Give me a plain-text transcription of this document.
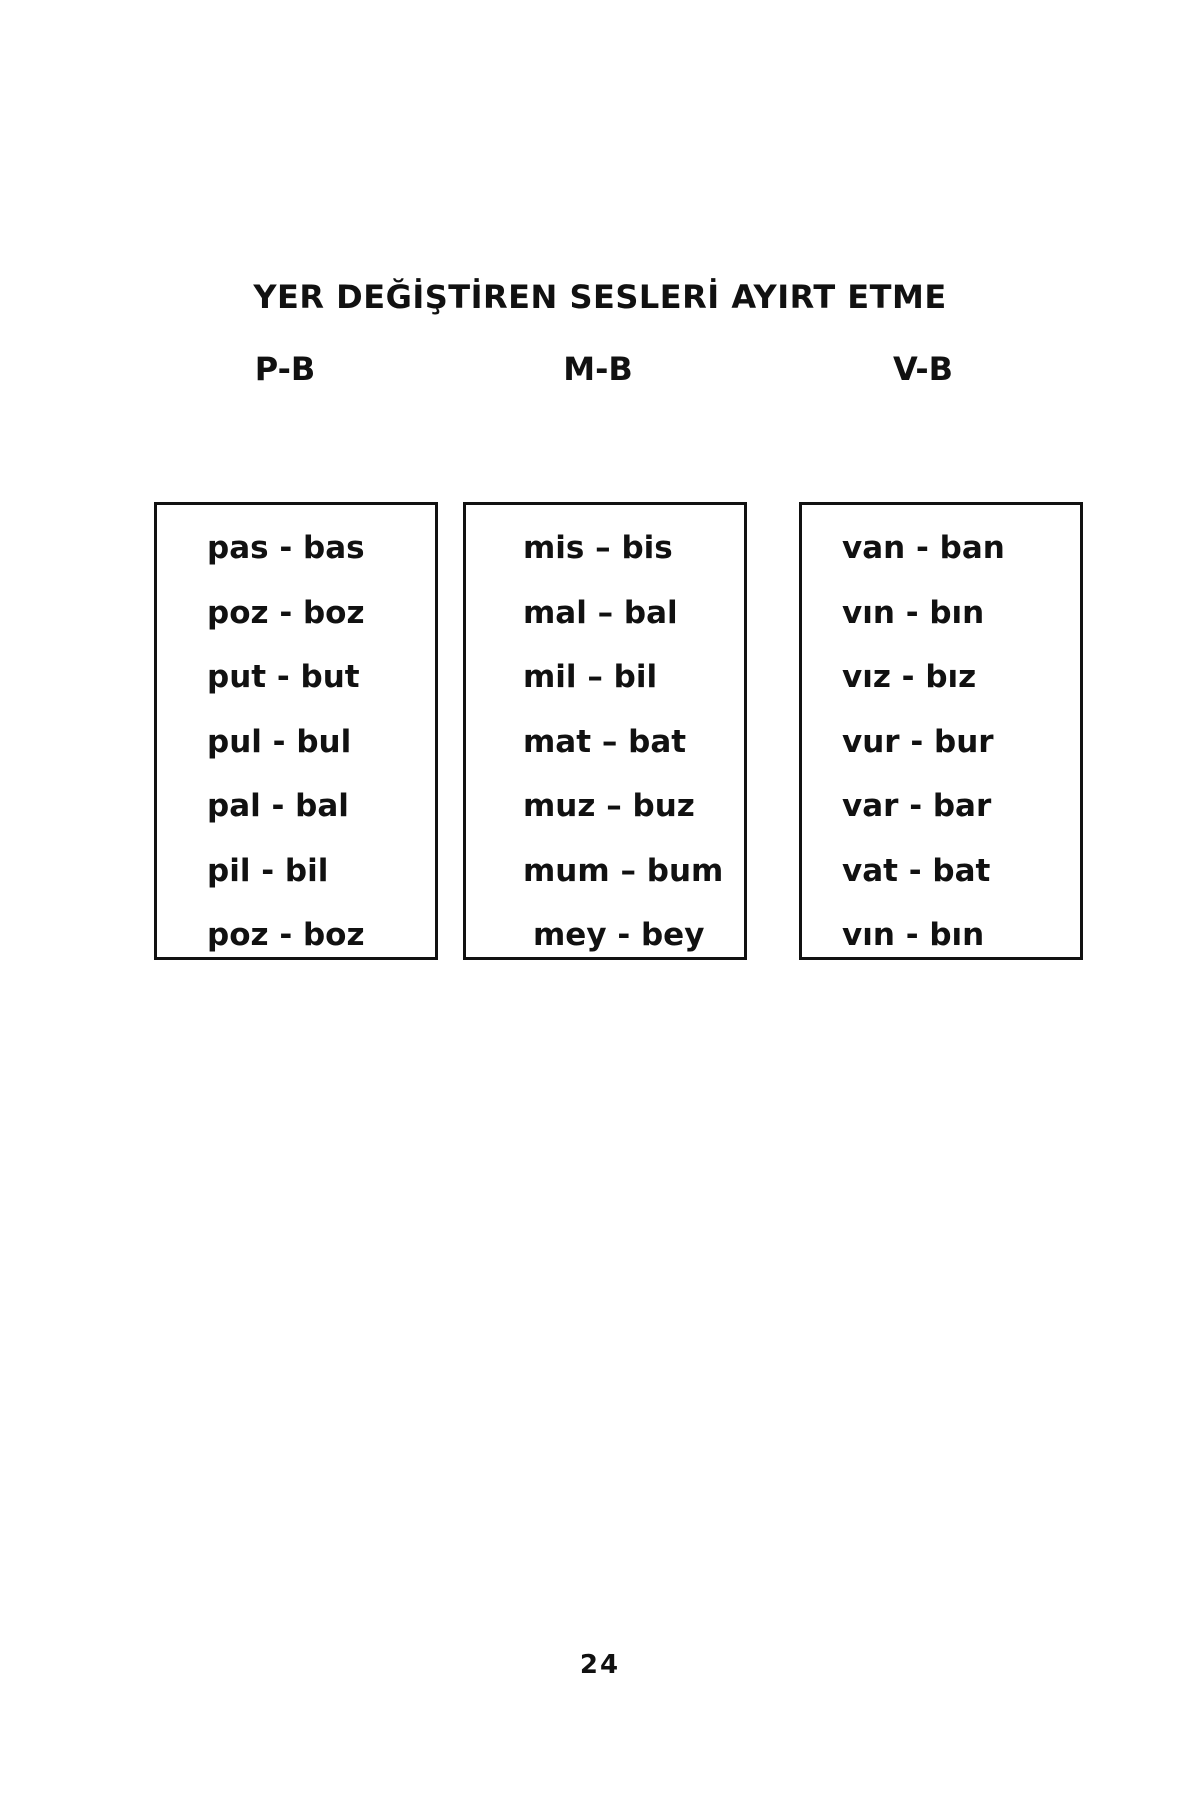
YER DEĞİŞTİREN SESLERİ AYIRT ETME
P-B	M-B	V-B
pas - bas
poz - boz
put - but
pul - bul
pal - bal
pil - bil
poz - boz
mis – bis
mal – bal
mil – bil
mat – bat
muz – buz
mum – bum
mey - bey
van - ban
vın - bın
vız - bız
vur - bur
var - bar
vat - bat
vın - bın
24
